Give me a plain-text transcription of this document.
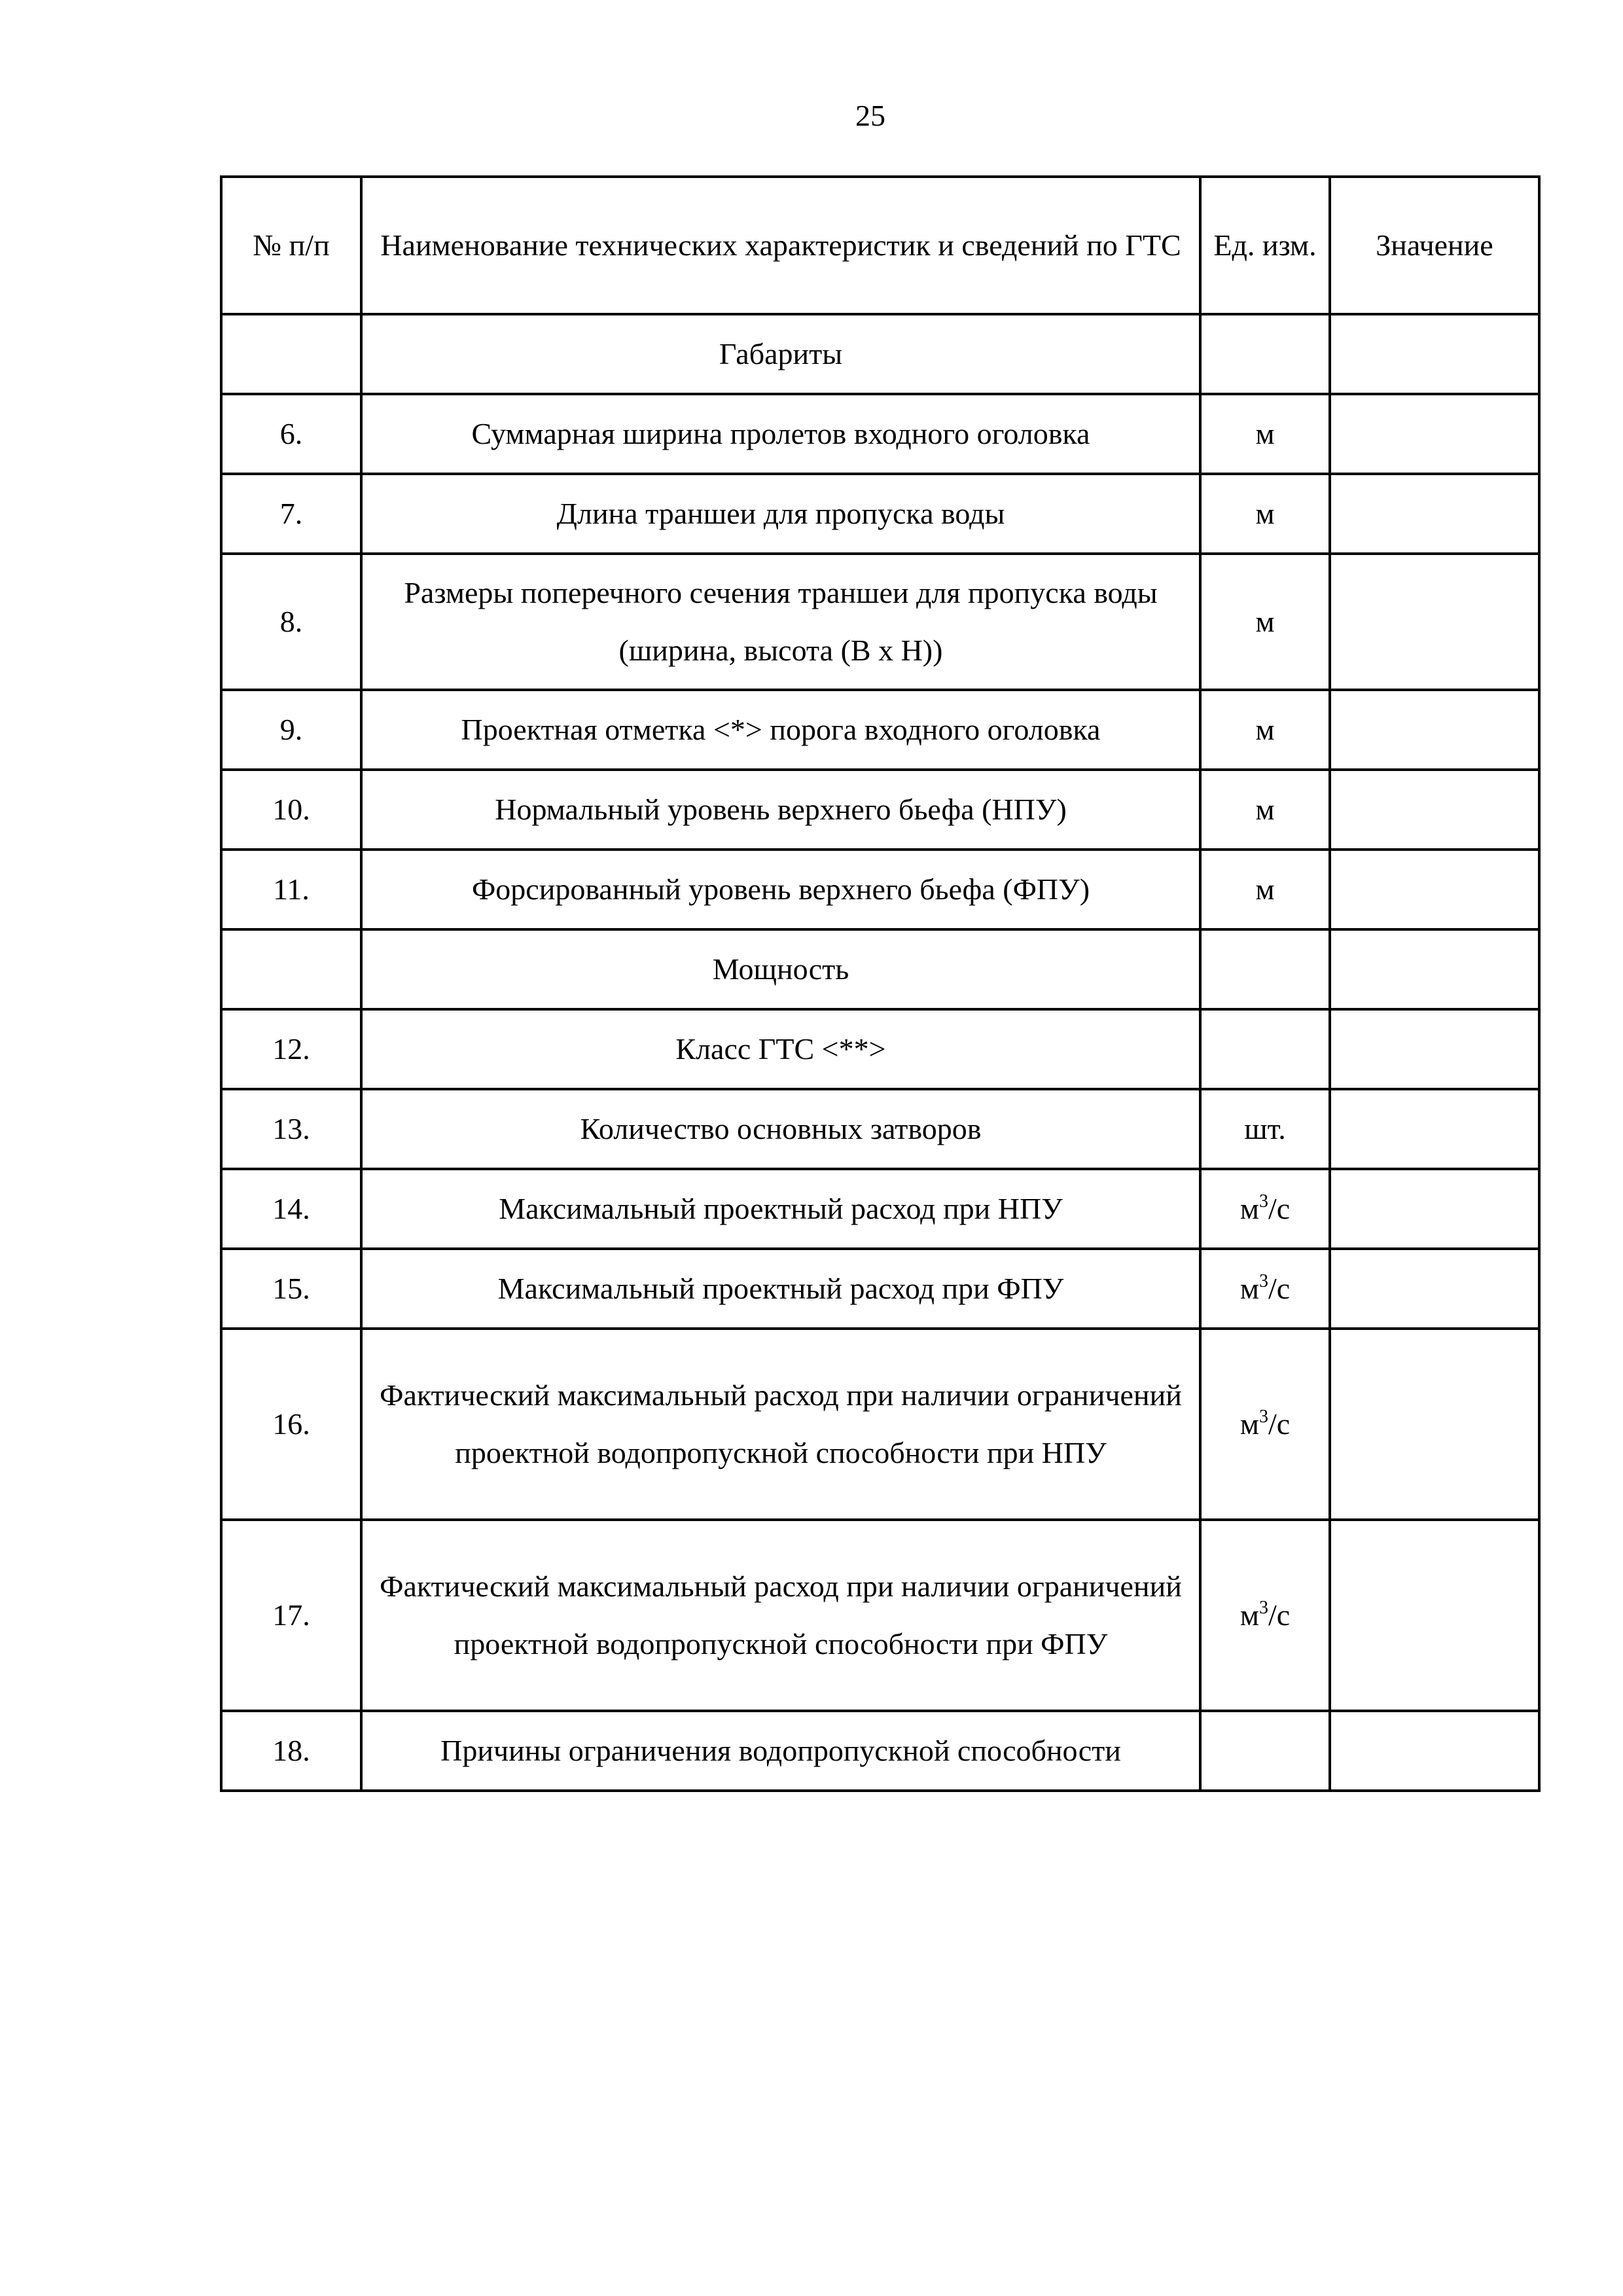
25
№ п/п	Наименование технических характеристик и сведений по ГТС	Ед. изм.	Значение
	Габариты		
6.	Суммарная ширина пролетов входного оголовка	м	
7.	Длина траншеи для пропуска воды	м	
8.	Размеры поперечного сечения траншеи для пропуска воды (ширина, высота (В х Н))	м	
9.	Проектная отметка <*> порога входного оголовка	м	
10.	Нормальный уровень верхнего бьефа (НПУ)	м	
11.	Форсированный уровень верхнего бьефа (ФПУ)	м	
	Мощность		
12.	Класс ГТС <**>		
13.	Количество основных затворов	шт.	
14.	Максимальный проектный расход при НПУ	$м^3/с$	
15.	Максимальный проектный расход при ФПУ	$м^3/с$	
16.	Фактический максимальный расход при наличии ограничений проектной водопропускной способности при НПУ	$м^3/с$	
17.	Фактический максимальный расход при наличии ограничений проектной водопропускной способности при ФПУ	$м^3/с$	
18.	Причины ограничения водопропускной способности		
